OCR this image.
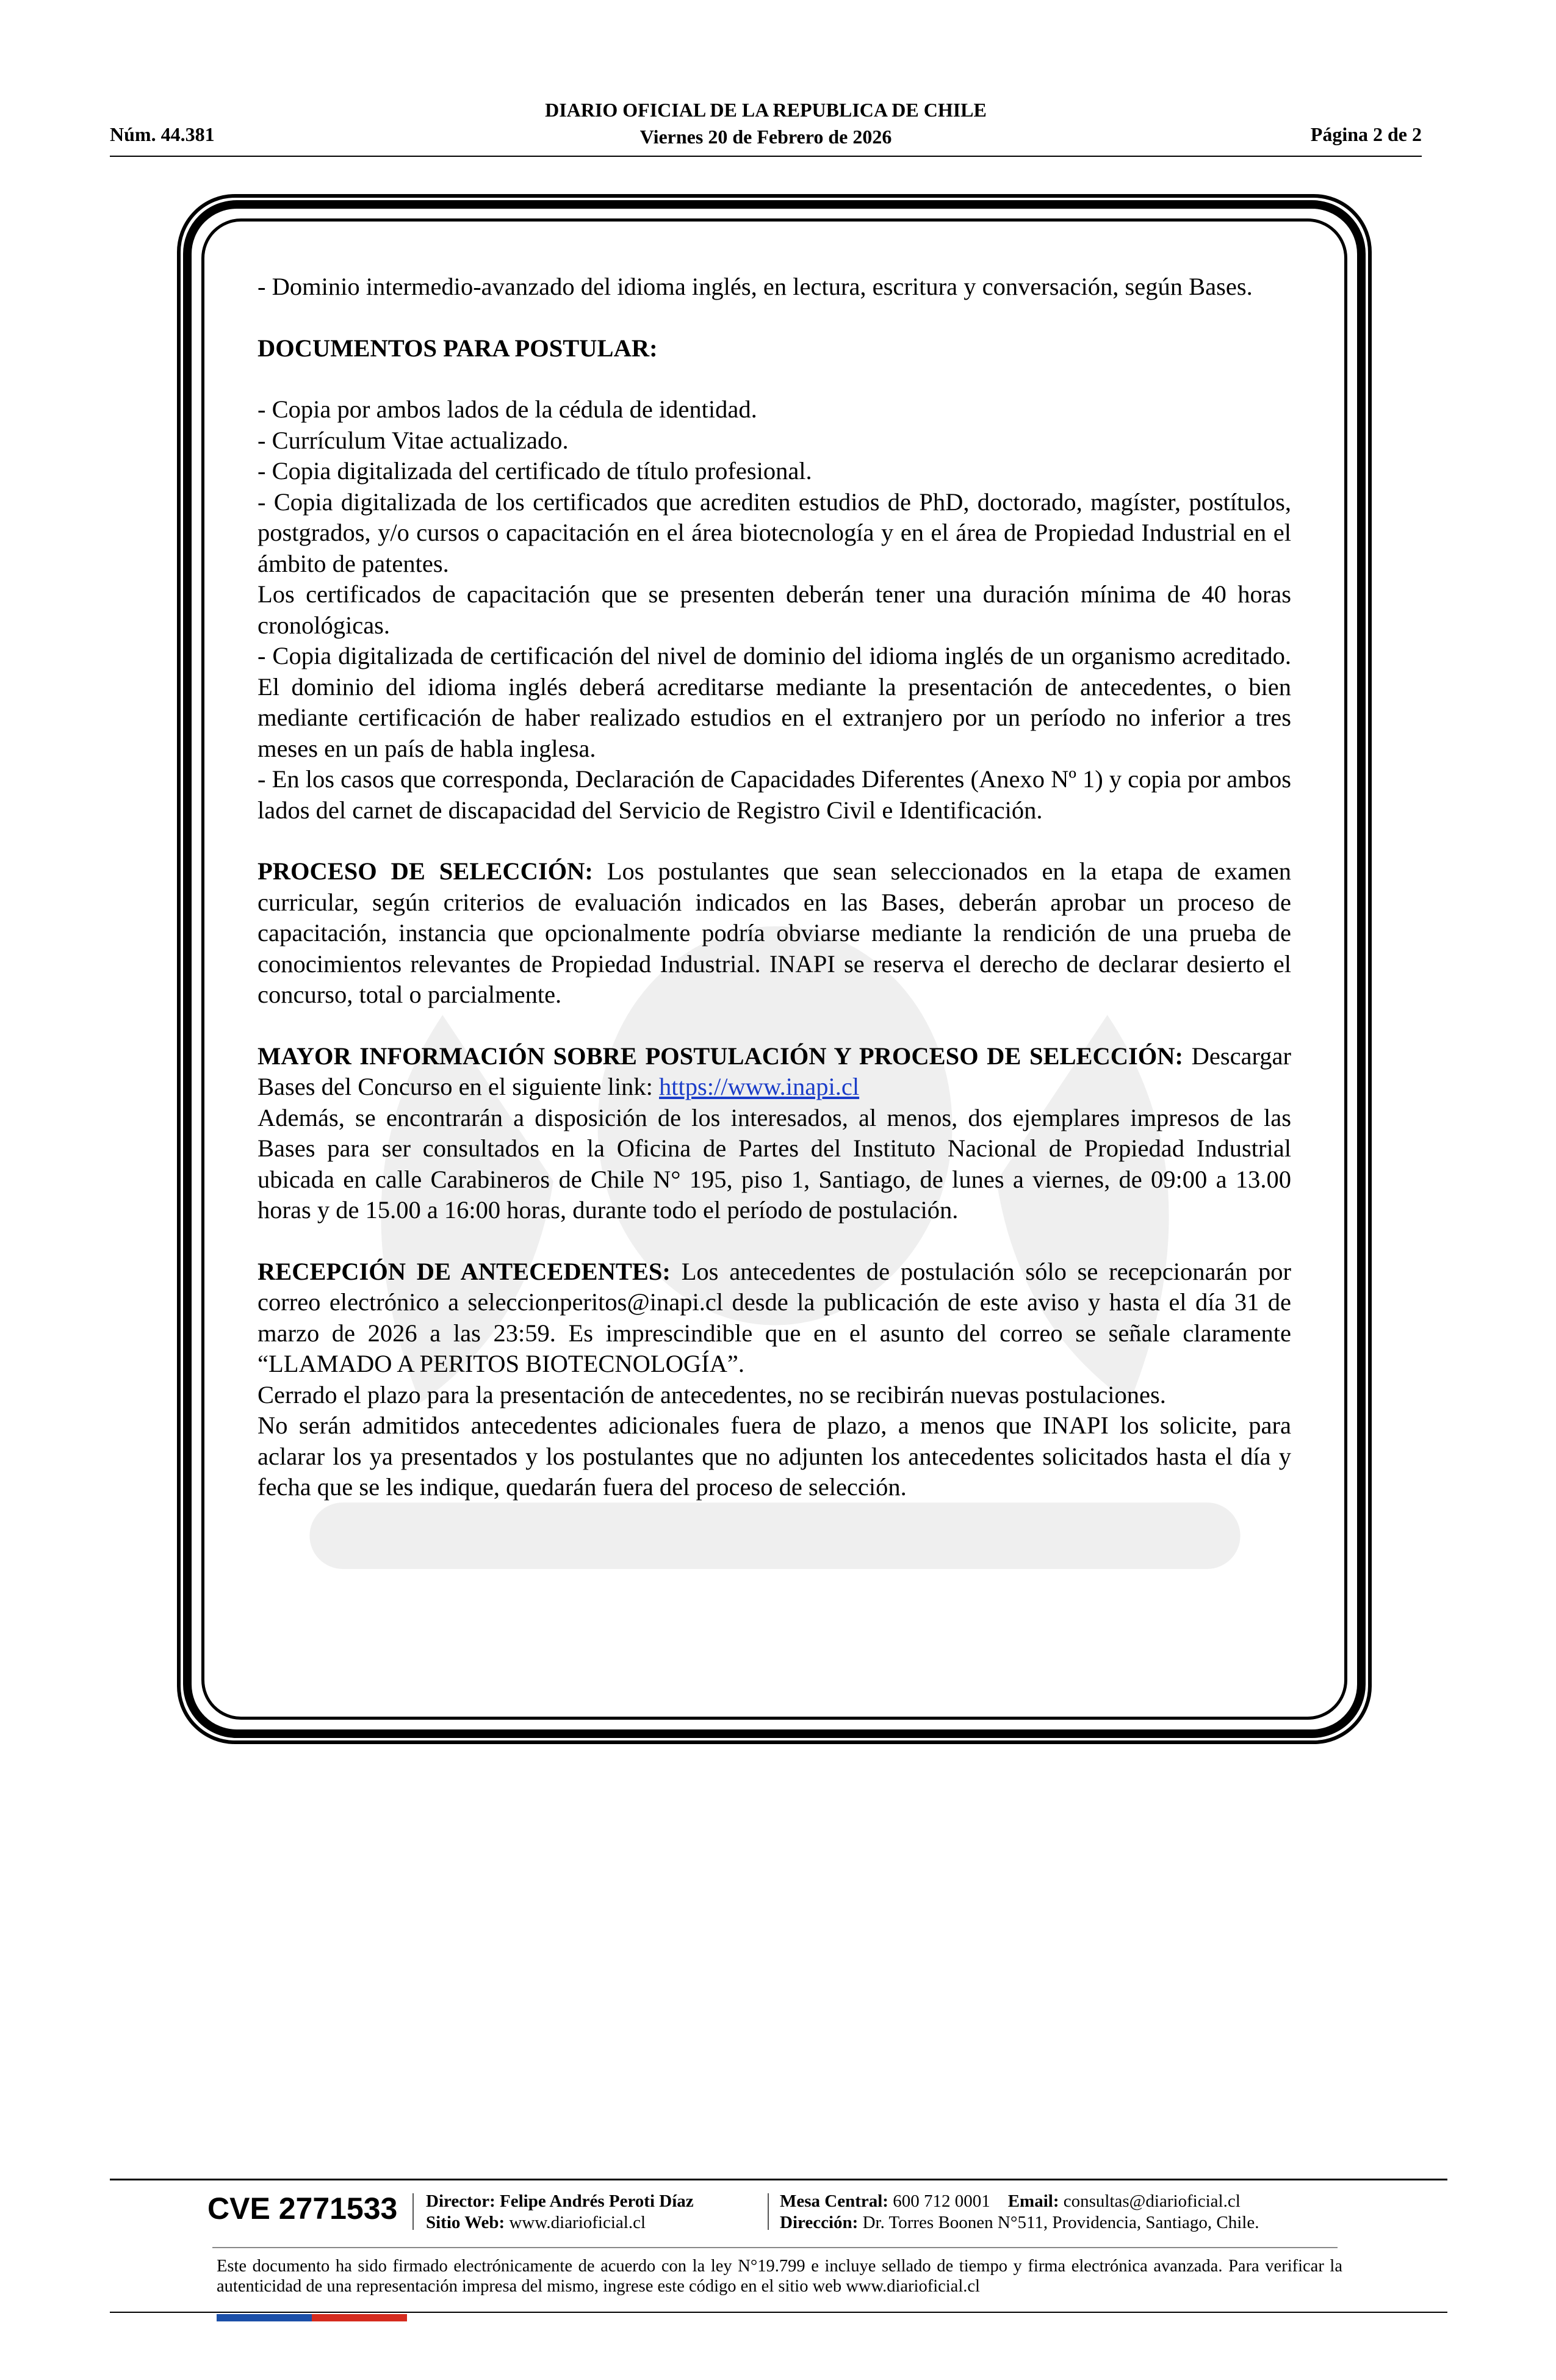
Núm. 44.381
DIARIO OFICIAL DE LA REPUBLICA DE CHILE
Viernes 20 de Febrero de 2026	Página 2 de 2

- Dominio intermedio-avanzado del idioma inglés, en lectura, escritura y conversación, según Bases.

DOCUMENTOS PARA POSTULAR:

- Copia por ambos lados de la cédula de identidad.

- Currículum Vitae actualizado.

- Copia digitalizada del certificado de título profesional.

- Copia digitalizada de los certificados que acrediten estudios de PhD, doctorado, magíster, postítulos, postgrados, y/o cursos o capacitación en el área biotecnología y en el área de Propiedad Industrial en el ámbito de patentes.

Los certificados de capacitación que se presenten deberán tener una duración mínima de 40 horas cronológicas.

- Copia digitalizada de certificación del nivel de dominio del idioma inglés de un organismo acreditado. El dominio del idioma inglés deberá acreditarse mediante la presentación de antecedentes, o bien mediante certificación de haber realizado estudios en el extranjero por un período no inferior a tres meses en un país de habla inglesa.

- En los casos que corresponda, Declaración de Capacidades Diferentes (Anexo Nº 1) y copia por ambos lados del carnet de discapacidad del Servicio de Registro Civil e Identificación.

PROCESO DE SELECCIÓN: Los postulantes que sean seleccionados en la etapa de examen curricular, según criterios de evaluación indicados en las Bases, deberán aprobar un proceso de capacitación, instancia que opcionalmente podría obviarse mediante la rendición de una prueba de conocimientos relevantes de Propiedad Industrial. INAPI se reserva el derecho de declarar desierto el concurso, total o parcialmente.

MAYOR INFORMACIÓN SOBRE POSTULACIÓN Y PROCESO DE SELECCIÓN: Descargar Bases del Concurso en el siguiente link: https://www.inapi.cl
Además, se encontrarán a disposición de los interesados, al menos, dos ejemplares impresos de las Bases para ser consultados en la Oficina de Partes del Instituto Nacional de Propiedad Industrial ubicada en calle Carabineros de Chile N° 195, piso 1, Santiago, de lunes a viernes, de 09:00 a 13.00 horas y de 15.00 a 16:00 horas, durante todo el período de postulación.

RECEPCIÓN DE ANTECEDENTES: Los antecedentes de postulación sólo se recepcionarán por correo electrónico a seleccionperitos@inapi.cl desde la publicación de este aviso y hasta el día 31 de marzo de 2026 a las 23:59. Es imprescindible que en el asunto del correo se señale claramente “LLAMADO A PERITOS BIOTECNOLOGÍA”.

Cerrado el plazo para la presentación de antecedentes, no se recibirán nuevas postulaciones.

No serán admitidos antecedentes adicionales fuera de plazo, a menos que INAPI los solicite, para aclarar los ya presentados y los postulantes que no adjunten los antecedentes solicitados hasta el día y fecha que se les indique, quedarán fuera del proceso de selección.

CVE 2771533 Director: Felipe Andrés Peroti Díaz
Sitio Web: www.diarioficial.cl
Mesa Central: 600 712 0001 Email: consultas@diarioficial.cl
Dirección: Dr. Torres Boonen N°511, Providencia, Santiago, Chile.
Este documento ha sido firmado electrónicamente de acuerdo con la ley N°19.799 e incluye sellado de tiempo y firma electrónica avanzada. Para verificar la autenticidad de una representación impresa del mismo, ingrese este código en el sitio web www.diarioficial.cl
